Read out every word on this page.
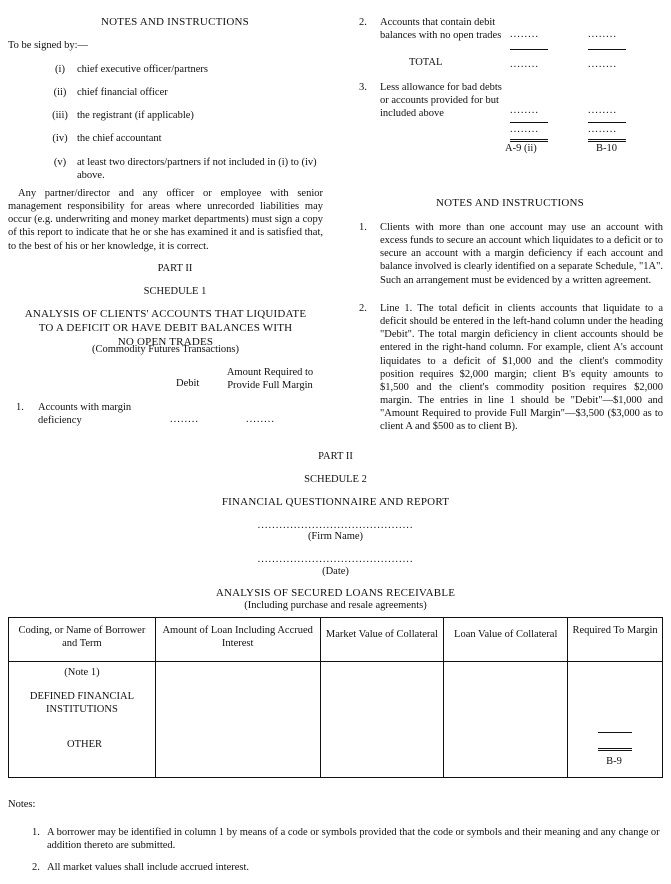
NOTES AND INSTRUCTIONS
To be signed by:—
(i)	chief executive officer/partners
(ii)	chief financial officer
(iii) the registrant (if applicable)
(iv) the chief accountant
(v)	at least two directors/partners if not included in (i) to (iv) above.
Any partner/director and any officer or employee with senior management responsibility for areas where unrecorded liabilities may occur (e.g. underwriting and money market departments) must sign a copy of this report to indicate that he or she has examined it and is satisfied that, to the best of his or her knowledge, it is correct.
PART II
SCHEDULE 1
ANALYSIS OF CLIENTS' ACCOUNTS THAT LIQUIDATE
TO A DEFICIT OR HAVE DEBIT BALANCES WITH
NO OPEN TRADES
(Commodity Futures Transactions)
Debit
Amount Required to Provide Full Margin
1. Accounts with margin deficiency	........	........
2. Accounts that contain debit balances with no open trades ........	........
TOTAL	........	........
3. Less allowance for bad debts or accounts provided for but included above	........	........
........	........
A-9 (ii)	B-10
NOTES AND INSTRUCTIONS
1. Clients with more than one account may use an account with excess funds to secure an account which liquidates to a deficit or to secure an account with a margin deficiency if each account and balance involved is clearly identified on a separate Schedule, "1A". Such an arrangement must be evidenced by a written agreement.
2. Line 1. The total deficit in clients accounts that liquidate to a deficit should be entered in the left-hand column under the heading "Debit". The total margin deficiency in client accounts should be entered in the right-hand column. For example, client A's account liquidates to a deficit of $1,000 and the client's commodity position requires $2,000 margin; client B's equity amounts to $1,500 and the client's commodity position requires $2,000 margin. The entries in line 1 should be "Debit"—$1,000 and "Amount Required to provide Full Margin"—$3,500 ($3,000 as to client A and $500 as to client B).
PART II
SCHEDULE 2
FINANCIAL QUESTIONNAIRE AND REPORT
...........................................
(Firm Name)
...........................................
(Date)
ANALYSIS OF SECURED LOANS RECEIVABLE
(Including purchase and resale agreements)
Coding, or Name of Borrower and Term	Amount of Loan Including Accrued Interest	Market Value of Collateral	Loan Value of Collateral	Required To Margin

(Note 1)
DEFINED FINANCIAL INSTITUTIONS
OTHER				B-9
Notes:
1. A borrower may be identified in column 1 by means of a code or symbols provided that the code or symbols and their meaning and any change or addition thereto are submitted.
2. All market values shall include accrued interest.
